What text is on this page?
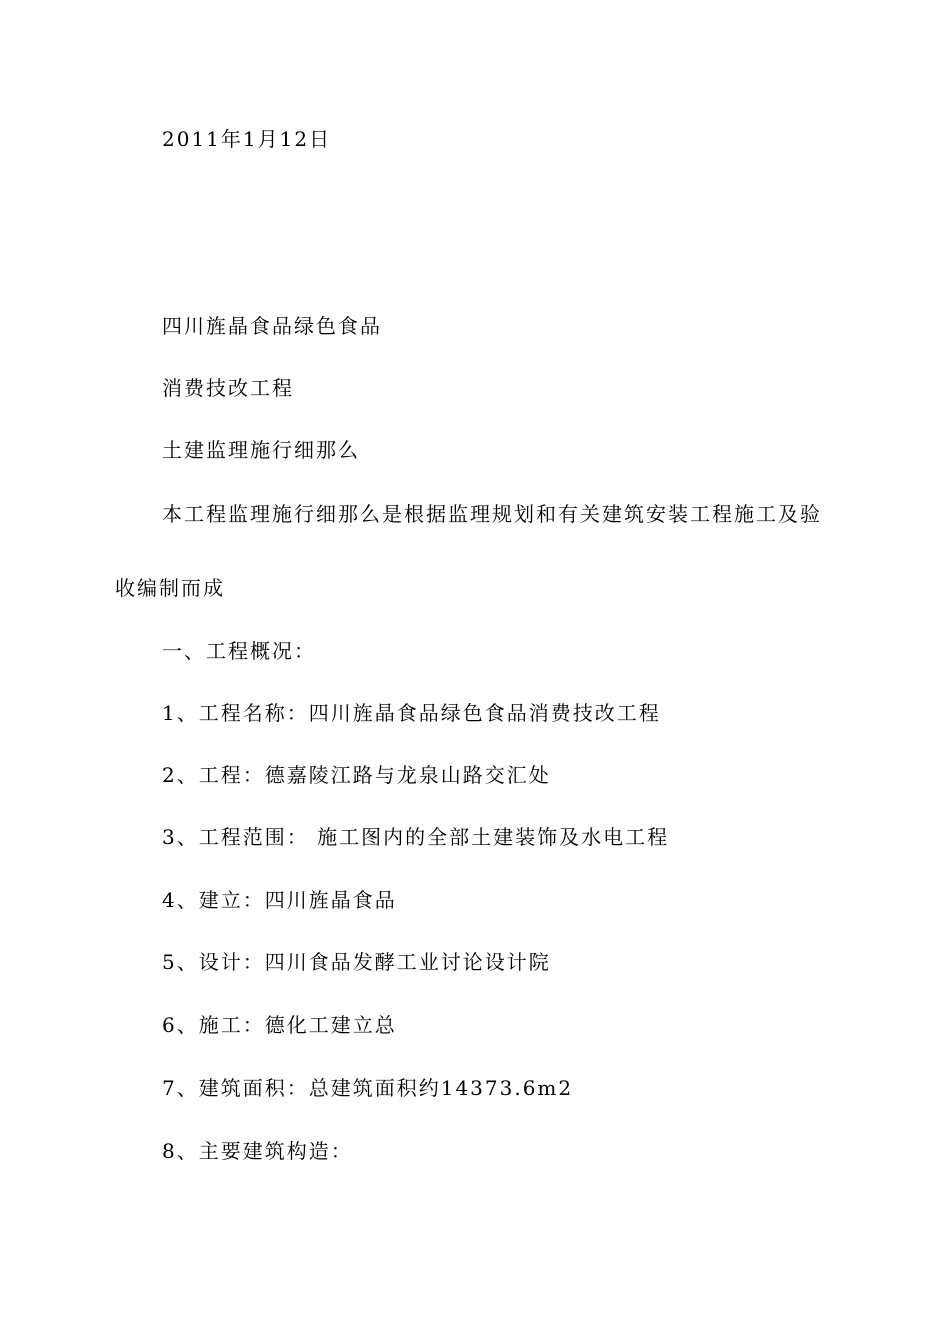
2011年1月12日
四川旌晶食品绿色食品
消费技改工程
土建监理施行细那么
本工程监理施行细那么是根据监理规划和有关建筑安装工程施工及验
收编制而成
一、工程概况：
1、工程名称：四川旌晶食品绿色食品消费技改工程
2、工程：德嘉陵江路与龙泉山路交汇处
3、工程范围： 施工图内的全部土建装饰及水电工程
4、建立：四川旌晶食品
5、设计：四川食品发酵工业讨论设计院
6、施工：德化工建立总
7、建筑面积：总建筑面积约14373.6m2
8、主要建筑构造：
